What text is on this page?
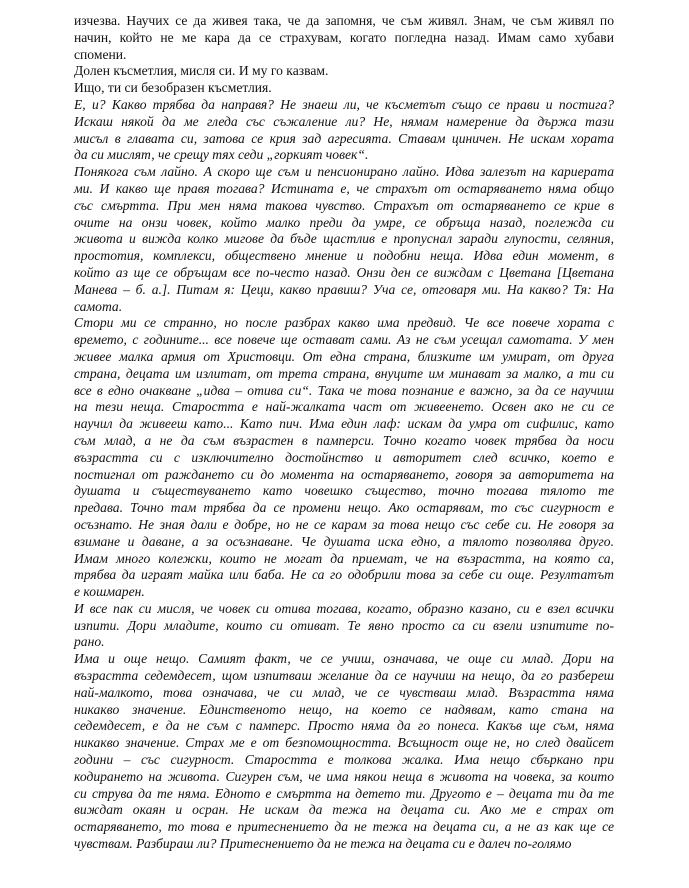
изчезва. Научих се да живея така, че да запомня, че съм живял. Знам, че съм живял по
начин, който не ме кара да се страхувам, когато погледна назад. Имам само хубави
спомени.
Долен късметлия, мисля си. И му го казвам.
Ищо, ти си безобразен късметлия.
Е, и? Какво трябва да направя? Не знаеш ли, че късметът също се прави и постига?
Искаш някой да ме гледа със съжаление ли? Не, нямам намерение да държа тази
мисъл в главата си, затова се крия зад агресията. Ставам циничен. Не искам хората
да си мислят, че срещу тях седи „горкият човек“.
Понякога съм лайно. А скоро ще съм и пенсионирано лайно. Идва залезът на кариерата
ми. И какво ще правя тогава? Истината е, че страхът от остаряването няма общо
със смъртта. При мен няма такова чувство. Страхът от остаряването се крие в
очите на онзи човек, който малко преди да умре, се обръща назад, поглежда си
живота и вижда колко мигове да бъде щастлив е пропуснал заради глупости, селяния,
простотия, комплекси, обществено мнение и подобни неща. Идва един момент, в
който аз ще се обръщам все по-често назад. Онзи ден се виждам с Цветана [Цветана
Манева – б. а.]. Питам я: Цеци, какво правиш? Уча се, отговаря ми. На какво? Тя: На
самота.
Стори ми се странно, но после разбрах какво има предвид. Че все повече хората с
времето, с годините... все повече ще остават сами. Аз не съм усещал самотата. У мен
живее малка армия от Христовци. От една страна, близките им умират, от друга
страна, децата им излитат, от трета страна, внуците им минават за малко, а ти си
все в едно очакване „идва – отива си“. Така че това познание е важно, за да се научиш
на тези неща. Старостта е най-жалката част от живеенето. Освен ако не си се
научил да живееш като... Като пич. Има един лаф: искам да умра от сифилис, като
съм млад, а не да съм възрастен в памперси. Точно когато човек трябва да носи
възрастта си с изключително достойнство и авторитет след всичко, което е
постигнал от раждането си до момента на остаряването, говоря за авторитета на
душата и съществуването като човешко същество, точно тогава тялото те
предава. Точно там трябва да се промени нещо. Ако остарявам, то със сигурност е
осъзнато. Не зная дали е добре, но не се карам за това нещо със себе си. Не говоря за
взимане и даване, а за осъзнаване. Че душата иска едно, а тялото позволява друго.
Имам много колежки, които не могат да приемат, че на възрастта, на която са,
трябва да играят майка или баба. Не са го одобрили това за себе си още. Резултатът
е кошмарен.
И все пак си мисля, че човек си отива тогава, когато, образно казано, си е взел всички
изпити. Дори младите, които си отиват. Те явно просто са си взели изпитите по-
рано.
Има и още нещо. Самият факт, че се учиш, означава, че още си млад. Дори на
възрастта седемдесет, щом изпитваш желание да се научиш на нещо, да го разбереш
най-малкото, това означава, че си млад, че се чувстваш млад. Възрастта няма
никакво значение. Единственото нещо, на което се надявам, като стана на
седемдесет, е да не съм с памперс. Просто няма да го понеса. Какъв ще съм, няма
никакво значение. Страх ме е от безпомощността. Всъщност още не, но след двайсет
години – със сигурност. Старостта е толкова жалка. Има нещо сбъркано при
кодирането на живота. Сигурен съм, че има някои неща в живота на човека, за които
си струва да те няма. Едното е смъртта на детето ти. Другото е – децата ти да те
виждат окаян и осран. Не искам да тежа на децата си. Ако ме е страх от
остаряването, то това е притеснението да не тежа на децата си, а не аз как ще се
чувствам. Разбираш ли? Притеснението да не тежа на децата си е далеч по-голямо
